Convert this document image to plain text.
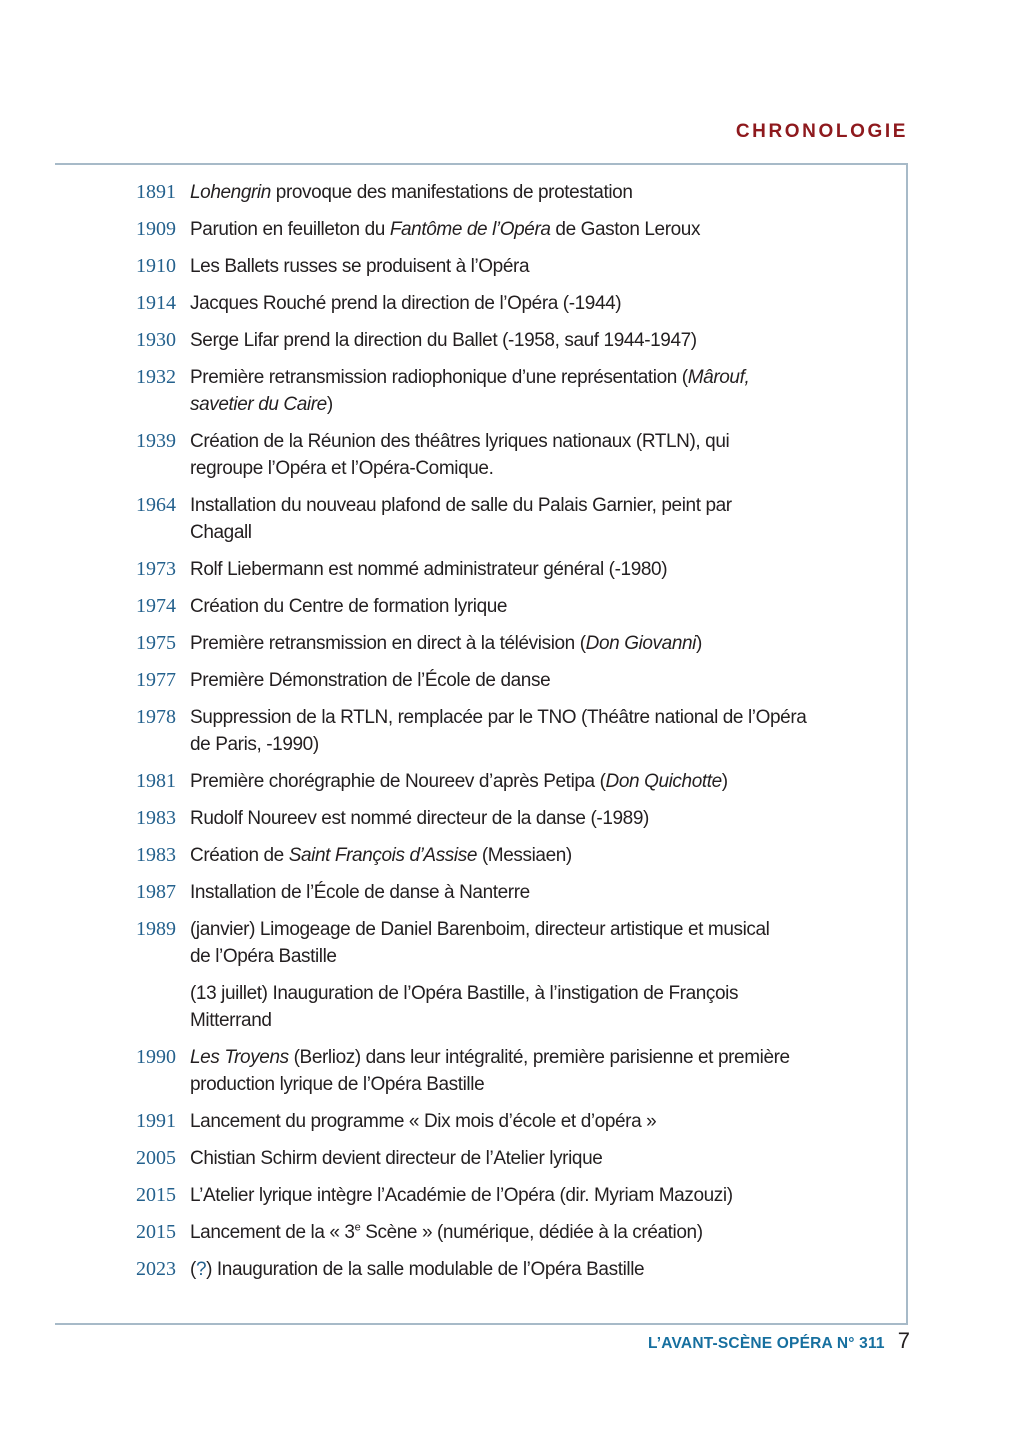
CHRONOLOGIE
1891 Lohengrin provoque des manifestations de protestation
1909 Parution en feuilleton du Fantôme de l’Opéra de Gaston Leroux
1910 Les Ballets russes se produisent à l’Opéra
1914 Jacques Rouché prend la direction de l’Opéra (-1944)
1930 Serge Lifar prend la direction du Ballet (-1958, sauf 1944-1947)
1932 Première retransmission radiophonique d’une représentation (Mârouf,
savetier du Caire)
1939 Création de la Réunion des théâtres lyriques nationaux (RTLN), qui
regroupe l’Opéra et l’Opéra-Comique.
1964 Installation du nouveau plafond de salle du Palais Garnier, peint par
Chagall
1973 Rolf Liebermann est nommé administrateur général (-1980)
1974 Création du Centre de formation lyrique
1975 Première retransmission en direct à la télévision (Don Giovanni)
1977 Première Démonstration de l’École de danse
1978 Suppression de la RTLN, remplacée par le TNO (Théâtre national de l’Opéra
de Paris, -1990)
1981 Première chorégraphie de Noureev d’après Petipa (Don Quichotte)
1983 Rudolf Noureev est nommé directeur de la danse (-1989)
1983 Création de Saint François d’Assise (Messiaen)
1987 Installation de l’École de danse à Nanterre
1989 (janvier) Limogeage de Daniel Barenboim, directeur artistique et musical
de l’Opéra Bastille
(13 juillet) Inauguration de l’Opéra Bastille, à l’instigation de François
Mitterrand
1990 Les Troyens (Berlioz) dans leur intégralité, première parisienne et première
production lyrique de l’Opéra Bastille
1991 Lancement du programme « Dix mois d’école et d’opéra »
2005 Chistian Schirm devient directeur de l’Atelier lyrique
2015 L’Atelier lyrique intègre l’Académie de l’Opéra (dir. Myriam Mazouzi)
2015 Lancement de la « 3e Scène » (numérique, dédiée à la création)
2023 (?) Inauguration de la salle modulable de l’Opéra Bastille
L’AVANT-SCÈNE OPÉRA N° 311 7
